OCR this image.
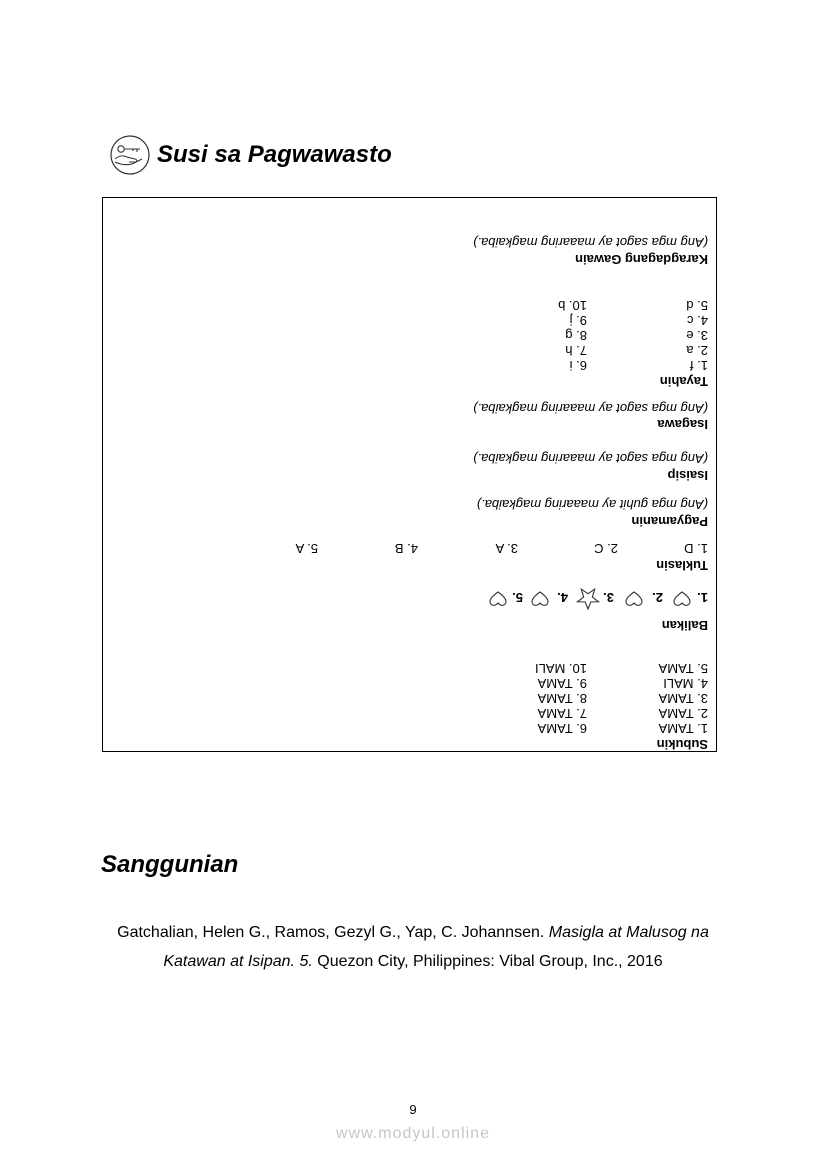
Susi sa Pagwawasto
Subukin
1. TAMA
2. TAMA
3. TAMA
4. MALI
5. TAMA
6. TAMA
7. TAMA
8. TAMA
9. TAMA
10. MALI
Balikan
1.
2.
3.
4.
5.
Tuklasin
1. D
2. C
3. A
4. B
5. A
Pagyamanin
(Ang mga guhit ay maaaring magkaiba.)
Isaisip
(Ang mga sagot ay maaaring magkaiba.)
Isagawa
(Ang mga sagot ay maaaring magkaiba.)
Tayahin
1. f
2. a
3. e
4. c
5. d
6. i
7. h
8. g
9. j
10. b
Karagdagang Gawain
(Ang mga sagot ay maaaring magkaiba.)
Sanggunian
Gatchalian, Helen G., Ramos, Gezyl G., Yap, C. Johannsen. Masigla at Malusog na Katawan at Isipan. 5. Quezon City, Philippines: Vibal Group, Inc., 2016
9
www.modyul.online
